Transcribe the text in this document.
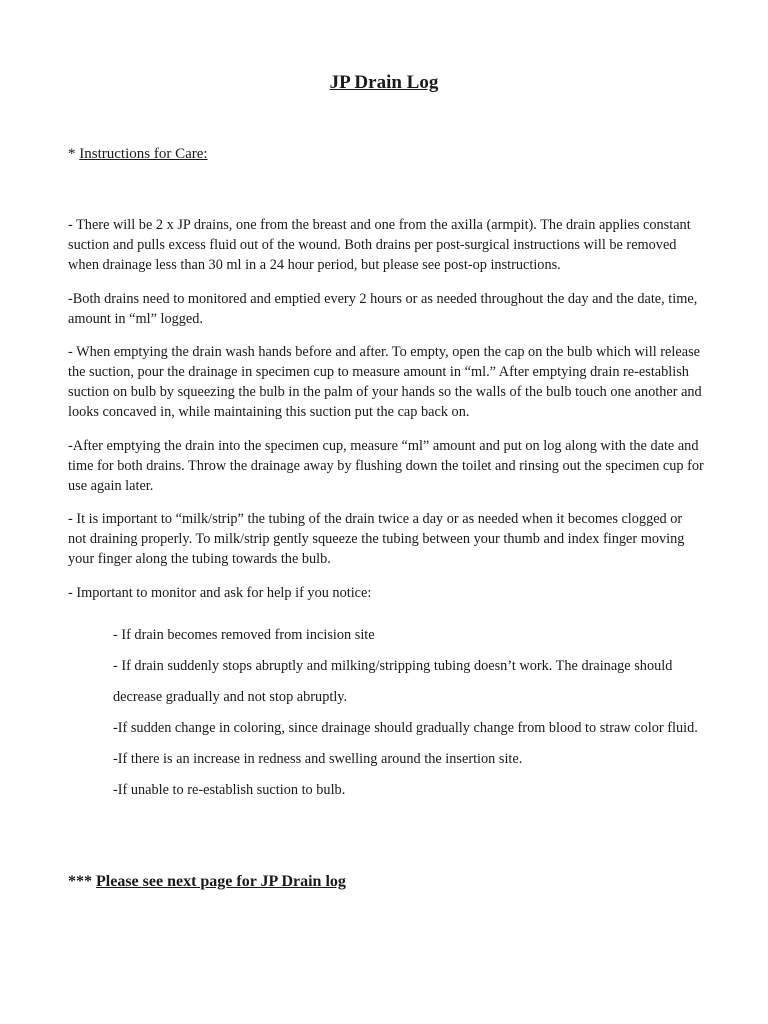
JP Drain Log
* Instructions for Care:

- There will be 2 x JP drains, one from the breast and one from the axilla (armpit). The drain applies constant suction and pulls excess fluid out of the wound. Both drains per post-surgical instructions will be removed when drainage less than 30 ml in a 24 hour period, but please see post-op instructions.

-Both drains need to monitored and emptied every 2 hours or as needed throughout the day and the date, time, amount in “ml” logged.

- When emptying the drain wash hands before and after. To empty, open the cap on the bulb which will release the suction, pour the drainage in specimen cup to measure amount in “ml.” After emptying drain re-establish suction on bulb by squeezing the bulb in the palm of your hands so the walls of the bulb touch one another and looks concaved in, while maintaining this suction put the cap back on.

-After emptying the drain into the specimen cup, measure “ml” amount and put on log along with the date and time for both drains. Throw the drainage away by flushing down the toilet and rinsing out the specimen cup for use again later.

- It is important to “milk/strip” the tubing of the drain twice a day or as needed when it becomes clogged or not draining properly. To milk/strip gently squeeze the tubing between your thumb and index finger moving your finger along the tubing towards the bulb.

- Important to monitor and ask for help if you notice:

- If drain becomes removed from incision site

- If drain suddenly stops abruptly and milking/stripping tubing doesn’t work. The drainage should decrease gradually and not stop abruptly.

-If sudden change in coloring, since drainage should gradually change from blood to straw color fluid.

-If there is an increase in redness and swelling around the insertion site.

-If unable to re-establish suction to bulb.

*** Please see next page for JP Drain log
